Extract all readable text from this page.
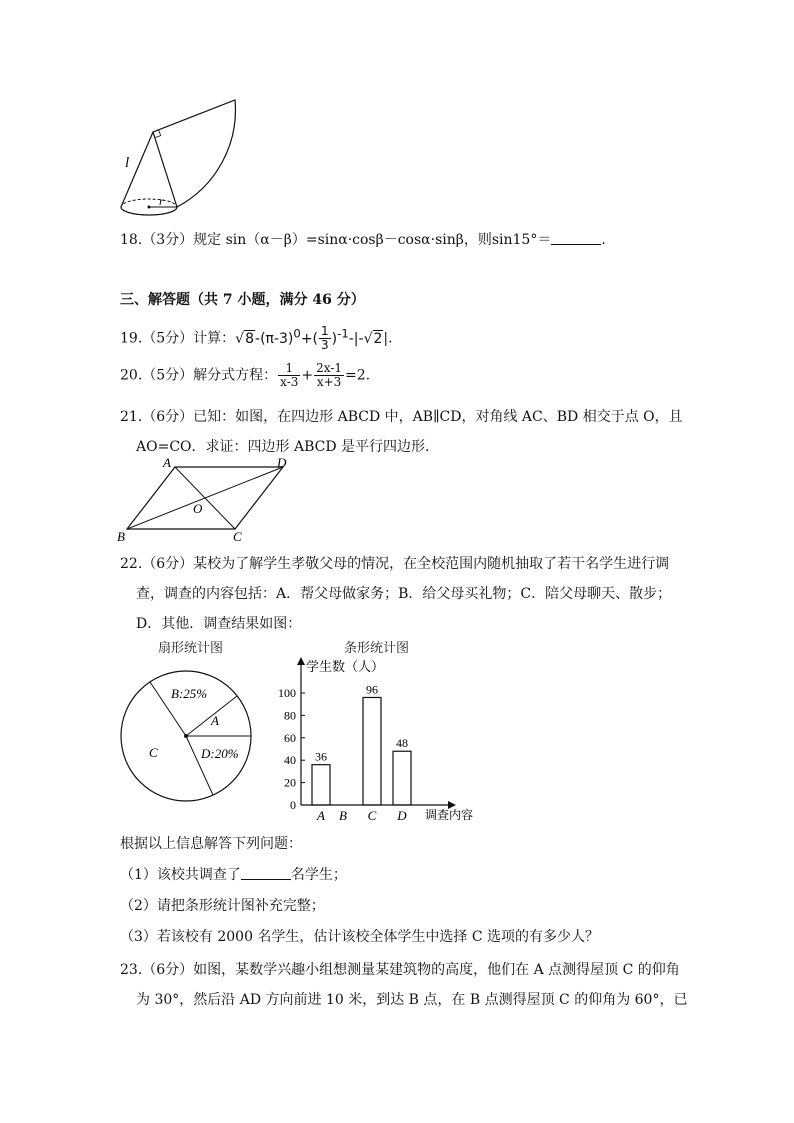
l
r
18.（3分）规定 sin（α－β）=sinα·cosβ－cosα·sinβ，则sin15°＝	.
三、解答题（共 7 小题，满分 46 分）
19.（5分）计算：$√8-(\pi-3)^0+( \frac{1}{3} )^{-1}-|-√2|$.
20.（5分）解分式方程： $\frac{1}{x-3} + \frac{2x-1}{x+3} =2$.
21.（6分）已知：如图，在四边形 ABCD 中，AB∥CD，对角线 AC、BD 相交于点 O，且
AO=CO．求证：四边形 ABCD 是平行四边形．
A	D
B	C
O
22.（6分）某校为了解学生孝敬父母的情况，在全校范围内随机抽取了若干名学生进行调
查，调查的内容包括：A．帮父母做家务；B．给父母买礼物；C．陪父母聊天、散步；
D．其他．调查结果如图：
扇形统计图	条形统计图
B:25%
A
D:20%
C
学生数（人）
调查内容
0
20
40
60
80
100
A
36
B C
96
D
48
根据以上信息解答下列问题：
（1）该校共调查了	名学生；
（2）请把条形统计图补充完整；
（3）若该校有 2000 名学生，估计该校全体学生中选择 C 选项的有多少人？
23.（6分）如图，某数学兴趣小组想测量某建筑物的高度，他们在 A 点测得屋顶 C 的仰角
为 30°，然后沿 AD 方向前进 10 米，到达 B 点，在 B 点测得屋顶 C 的仰角为 60°，已
